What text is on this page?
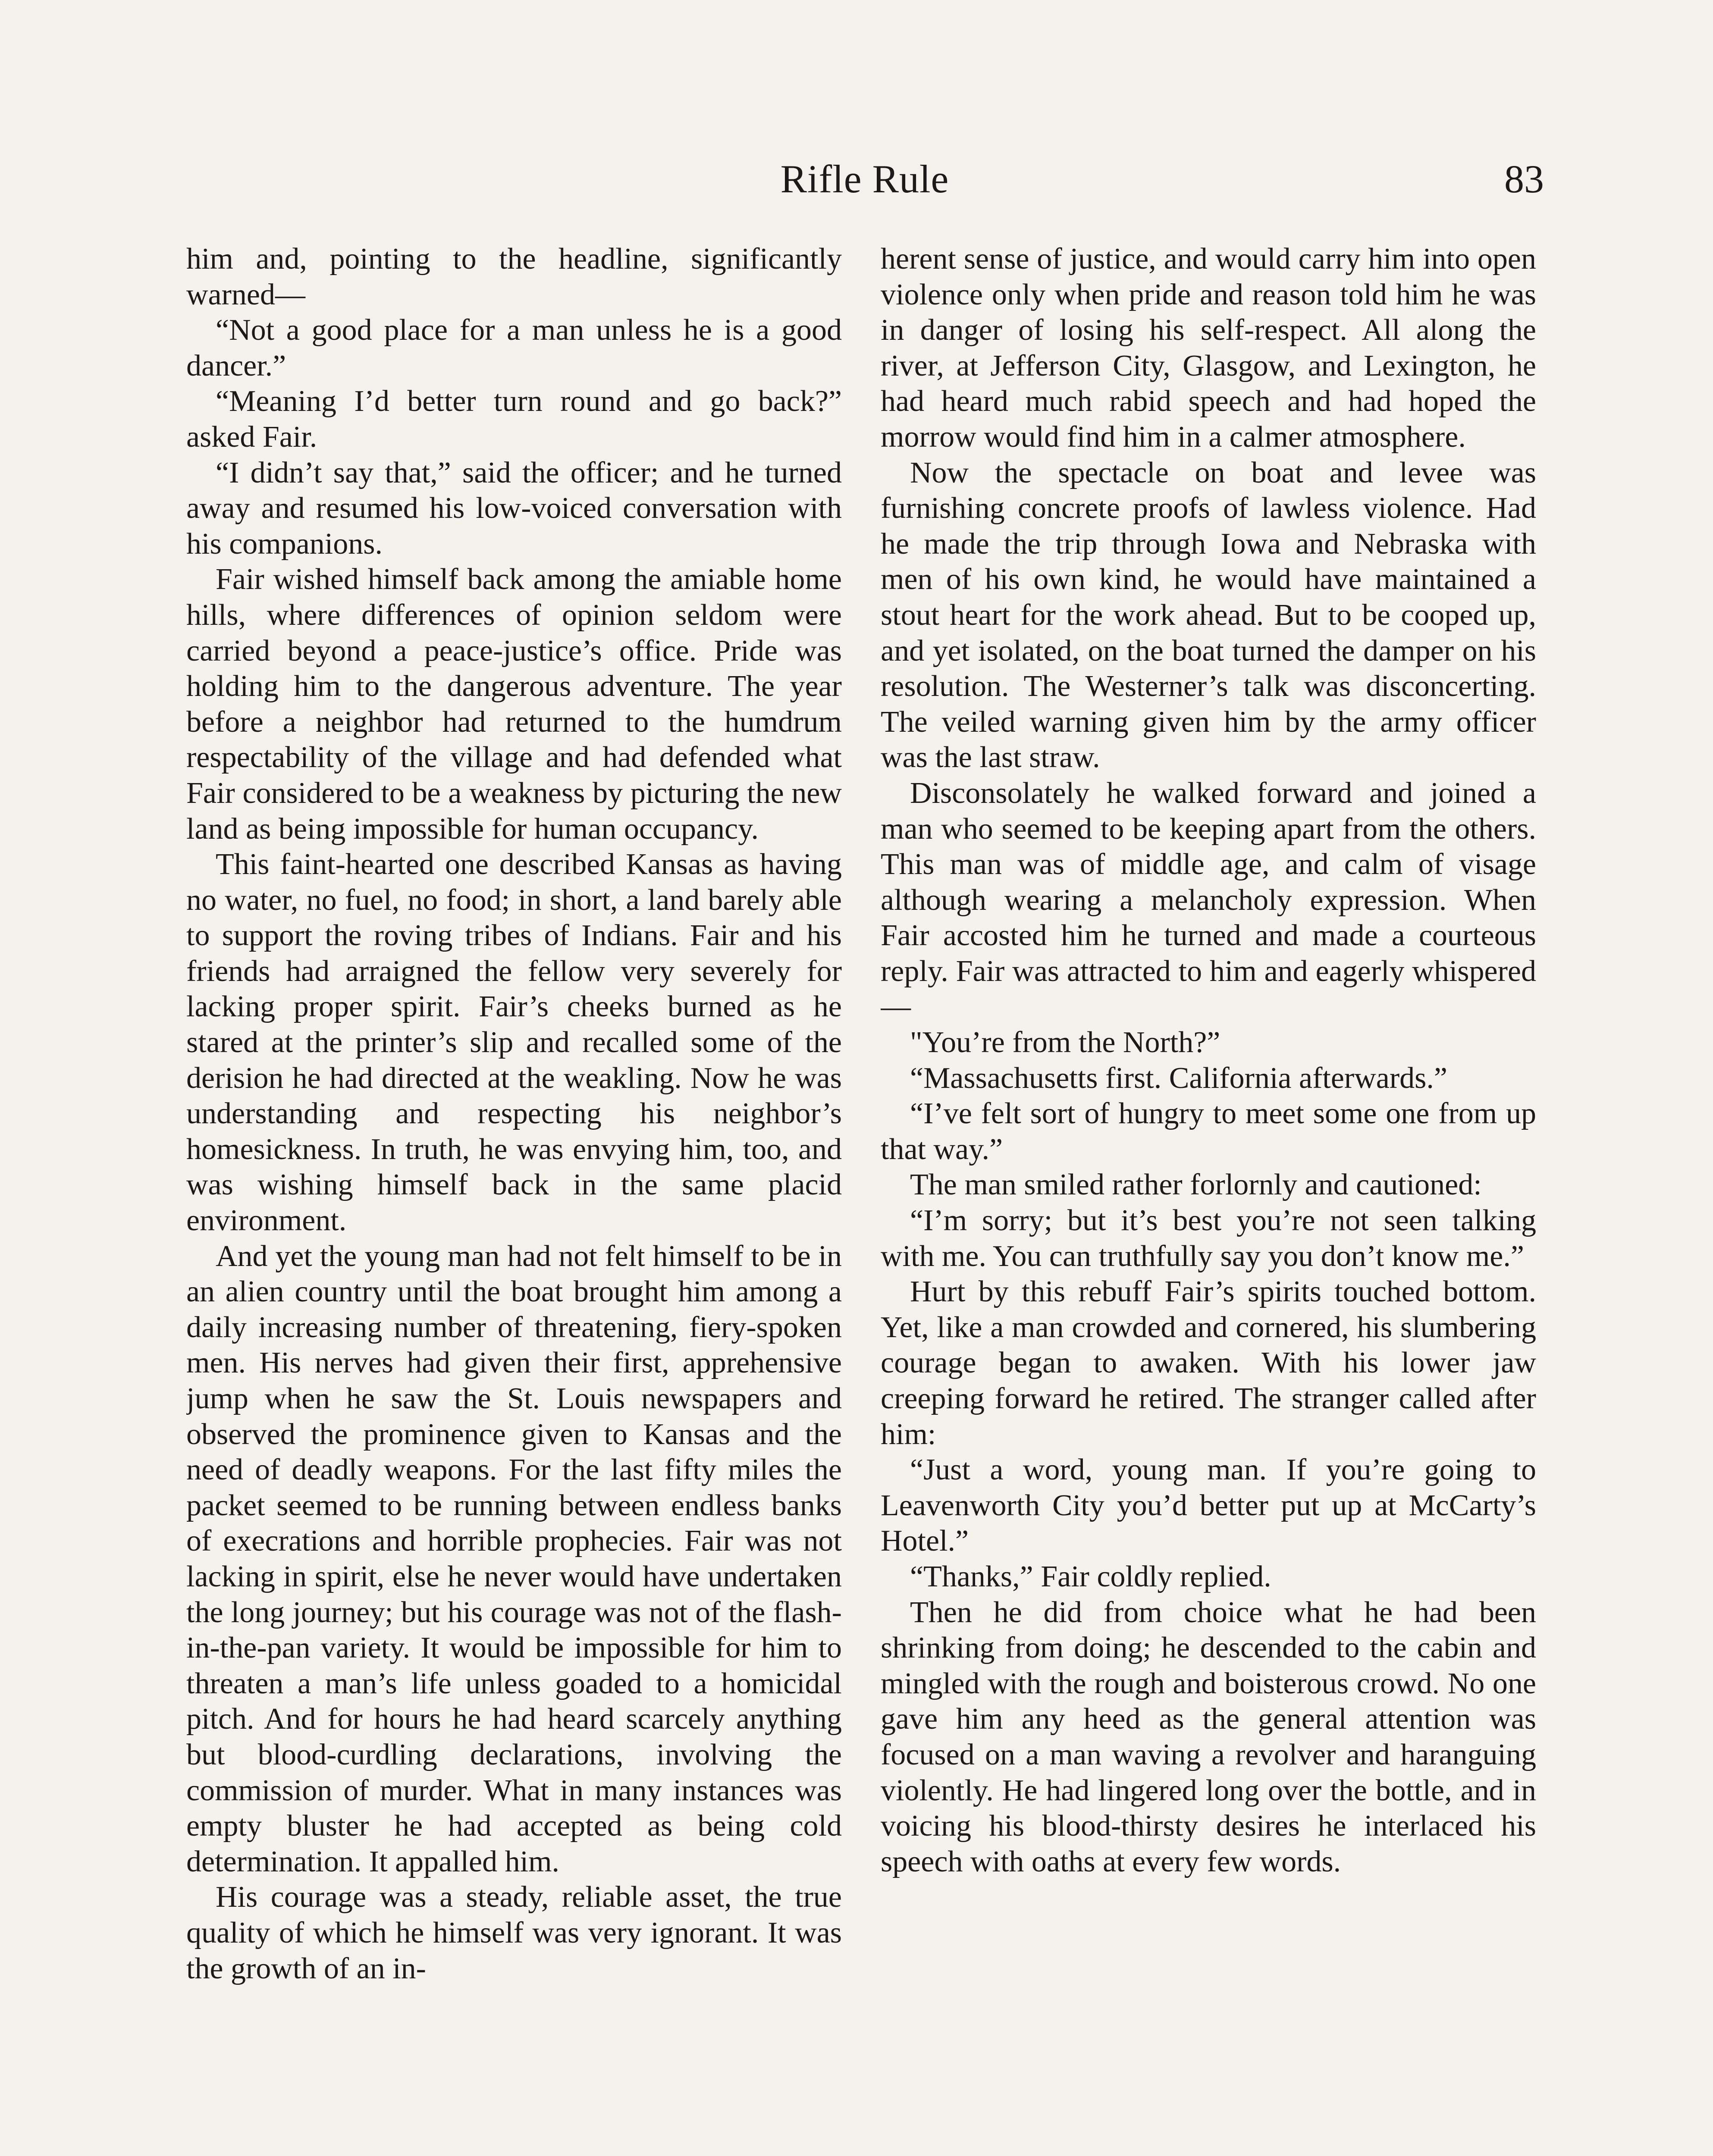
Rifle Rule	83

him and, pointing to the headline, significantly warned—

“Not a good place for a man unless he is a good dancer.”

“Meaning I’d better turn round and go back?” asked Fair.

“I didn’t say that,” said the officer; and he turned away and resumed his low-voiced conversation with his companions.

Fair wished himself back among the amiable home hills, where differences of opinion seldom were carried beyond a peace-justice’s office. Pride was holding him to the dangerous adventure. The year before a neighbor had returned to the humdrum respectability of the village and had defended what Fair considered to be a weakness by picturing the new land as being impossible for human occupancy.

This faint-hearted one described Kansas as having no water, no fuel, no food; in short, a land barely able to support the roving tribes of Indians. Fair and his friends had arraigned the fellow very severely for lacking proper spirit. Fair’s cheeks burned as he stared at the printer’s slip and recalled some of the derision he had directed at the weakling. Now he was understanding and respecting his neighbor’s homesickness. In truth, he was envying him, too, and was wishing himself back in the same placid environment.

And yet the young man had not felt himself to be in an alien country until the boat brought him among a daily increasing number of threatening, fiery-spoken men. His nerves had given their first, apprehensive jump when he saw the St. Louis newspapers and observed the prominence given to Kansas and the need of deadly weapons. For the last fifty miles the packet seemed to be running between endless banks of execrations and horrible prophecies. Fair was not lacking in spirit, else he never would have undertaken the long journey; but his courage was not of the flash-in-the-pan variety. It would be impossible for him to threaten a man’s life unless goaded to a homicidal pitch. And for hours he had heard scarcely anything but blood-curdling declarations, involving the commission of murder. What in many instances was empty bluster he had accepted as being cold determination. It appalled him.

His courage was a steady, reliable asset, the true quality of which he himself was very ignorant. It was the growth of an in-

herent sense of justice, and would carry him into open violence only when pride and reason told him he was in danger of losing his self-respect. All along the river, at Jefferson City, Glasgow, and Lexington, he had heard much rabid speech and had hoped the morrow would find him in a calmer atmosphere.

Now the spectacle on boat and levee was furnishing concrete proofs of lawless violence. Had he made the trip through Iowa and Nebraska with men of his own kind, he would have maintained a stout heart for the work ahead. But to be cooped up, and yet isolated, on the boat turned the damper on his resolution. The Westerner’s talk was disconcerting. The veiled warning given him by the army officer was the last straw.

Disconsolately he walked forward and joined a man who seemed to be keeping apart from the others. This man was of middle age, and calm of visage although wearing a melancholy expression. When Fair accosted him he turned and made a courteous reply. Fair was attracted to him and eagerly whispered—

"You’re from the North?”

“Massachusetts first. California afterwards.”

“I’ve felt sort of hungry to meet some one from up that way.”

The man smiled rather forlornly and cautioned:

“I’m sorry; but it’s best you’re not seen talking with me. You can truthfully say you don’t know me.”

Hurt by this rebuff Fair’s spirits touched bottom. Yet, like a man crowded and cornered, his slumbering courage began to awaken. With his lower jaw creeping forward he retired. The stranger called after him:

“Just a word, young man. If you’re going to Leavenworth City you’d better put up at McCarty’s Hotel.”

“Thanks,” Fair coldly replied.

Then he did from choice what he had been shrinking from doing; he descended to the cabin and mingled with the rough and boisterous crowd. No one gave him any heed as the general attention was focused on a man waving a revolver and haranguing violently. He had lingered long over the bottle, and in voicing his blood-thirsty desires he interlaced his speech with oaths at every few words.
